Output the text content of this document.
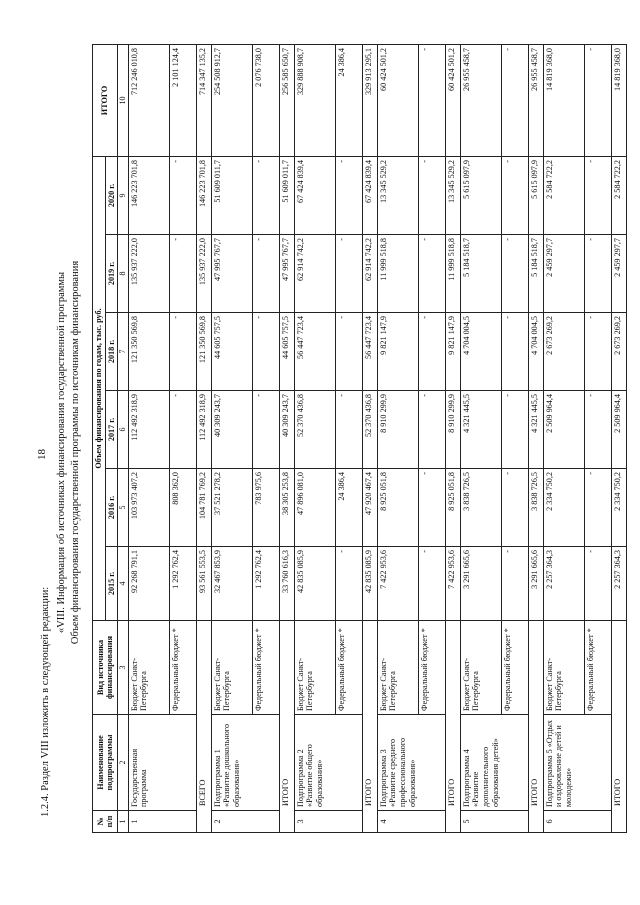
18
1.2.4. Раздел VIII изложить в следующей редакции:
«VIII. Информация об источниках финансирования государственной программы Объем финансирования государственной программы по источникам финансирования
№ п/п	Наименование подпрограммы	Вид источника финансирования	Объем финансирования по годам, тыс. руб.						ИТОГО
			2015 г.	2016 г.	2017 г.	2018 г.	2019 г.	2020 г.	
1	2	3	4	5	6	7	8	9	10
1	Государственная программа	Бюджет Санкт-Петербурга	92 268 791,1	103 973 407,2	112 492 318,9	121 350 569,8	135 937 222,0	146 223 701,8	712 246 010,8
		Федеральный бюджет *	1 292 762,4	808 362,0	-	-	-	-	2 101 124,4
ВСЕГО			93 561 553,5	104 781 769,2	112 492 318,9	121 350 569,8	135 937 222,0	146 223 701,8	714 347 135,2
2	Подпрограмма 1 «Развитие дошкольного образования»	Бюджет Санкт-Петербурга	32 467 853,9	37 521 278,2	40 309 243,7	44 605 757,5	47 995 767,7	51 609 011,7	254 508 912,7
		Федеральный бюджет *	1 292 762,4	783 975,6	-	-	-	-	2 076 738,0
ИТОГО			33 760 616,3	38 305 253,8	40 309 243,7	44 605 757,5	47 995 767,7	51 609 011,7	256 585 650,7
3	Подпрограмма 2 «Развитие общего образования»	Бюджет Санкт-Петербурга	42 835 085,9	47 896 081,0	52 370 436,8	56 447 723,4	62 914 742,2	67 424 839,4	329 888 908,7
		Федеральный бюджет *	-	24 386,4	-	-	-	-	24 386,4
ИТОГО			42 835 085,9	47 920 467,4	52 370 436,8	56 447 723,4	62 914 742,2	67 424 839,4	329 913 295,1
4	Подпрограмма 3 «Развитие среднего профессионального образования»	Бюджет Санкт-Петербурга	7 422 953,6	8 925 051,8	8 910 299,9	9 821 147,9	11 999 518,8	13 345 529,2	60 424 501,2
		Федеральный бюджет *	-	-	-	-	-	-	-
ИТОГО			7 422 953,6	8 925 051,8	8 910 299,9	9 821 147,9	11 999 518,8	13 345 529,2	60 424 501,2
5	Подпрограмма 4 «Развитие дополнительного образования детей»	Бюджет Санкт-Петербурга	3 291 665,6	3 838 726,5	4 321 445,5	4 704 004,5	5 184 518,7	5 615 097,9	26 955 458,7
		Федеральный бюджет *	-	-	-	-	-	-	-
ИТОГО			3 291 665,6	3 838 726,5	4 321 445,5	4 704 004,5	5 184 518,7	5 615 097,9	26 955 458,7
6	Подпрограмма 5 «Отдых и оздоровление детей и молодежи»	Бюджет Санкт-Петербурга	2 257 364,3	2 334 750,2	2 509 964,4	2 673 269,2	2 459 297,7	2 584 722,2	14 819 368,0
		Федеральный бюджет *	-	-	-	-	-	-	-
ИТОГО			2 257 364,3	2 334 750,2	2 509 964,4	2 673 269,2	2 459 297,7	2 584 722,2	14 819 368,0
